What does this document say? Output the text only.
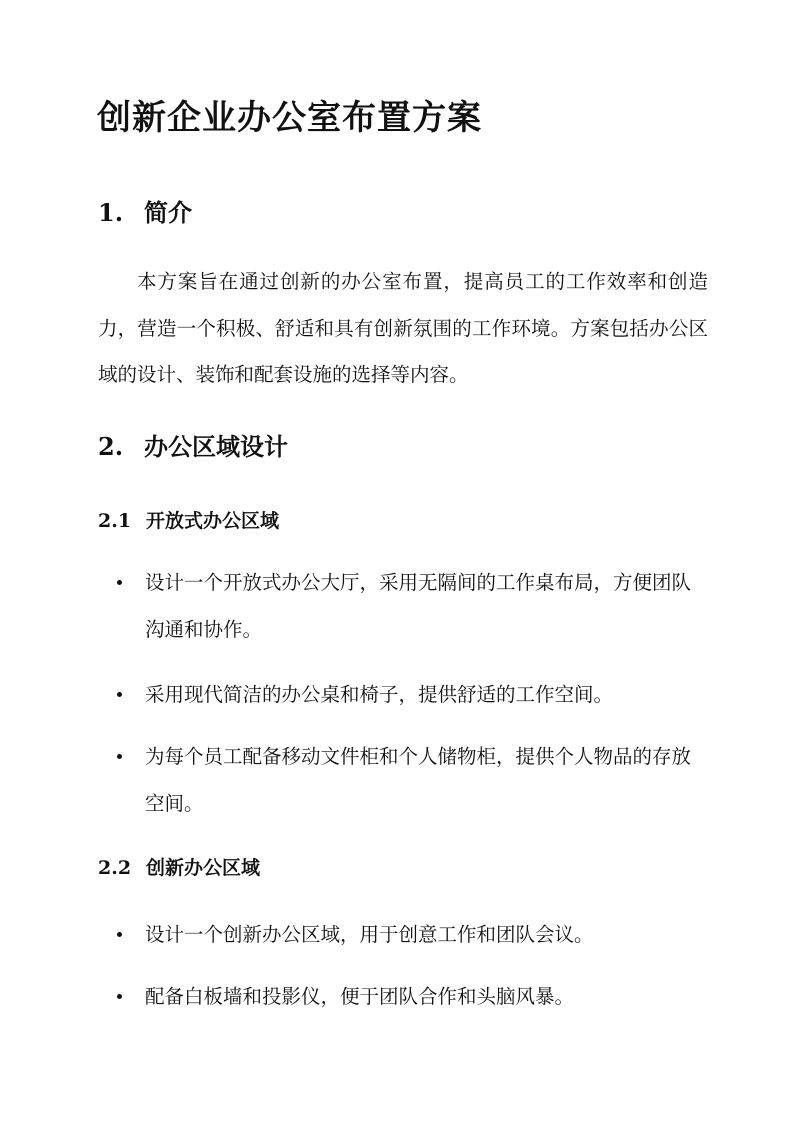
创新企业办公室布置方案
1. 简介

本方案旨在通过创新的办公室布置，提高员工的工作效率和创造力，营造一个积极、舒适和具有创新氛围的工作环境。方案包括办公区域的设计、装饰和配套设施的选择等内容。

2. 办公区域设计
2.1 开放式办公区域
设计一个开放式办公大厅，采用无隔间的工作桌布局，方便团队沟通和协作。
采用现代简洁的办公桌和椅子，提供舒适的工作空间。
为每个员工配备移动文件柜和个人储物柜，提供个人物品的存放空间。
2.2 创新办公区域
设计一个创新办公区域，用于创意工作和团队会议。
配备白板墙和投影仪，便于团队合作和头脑风暴。
